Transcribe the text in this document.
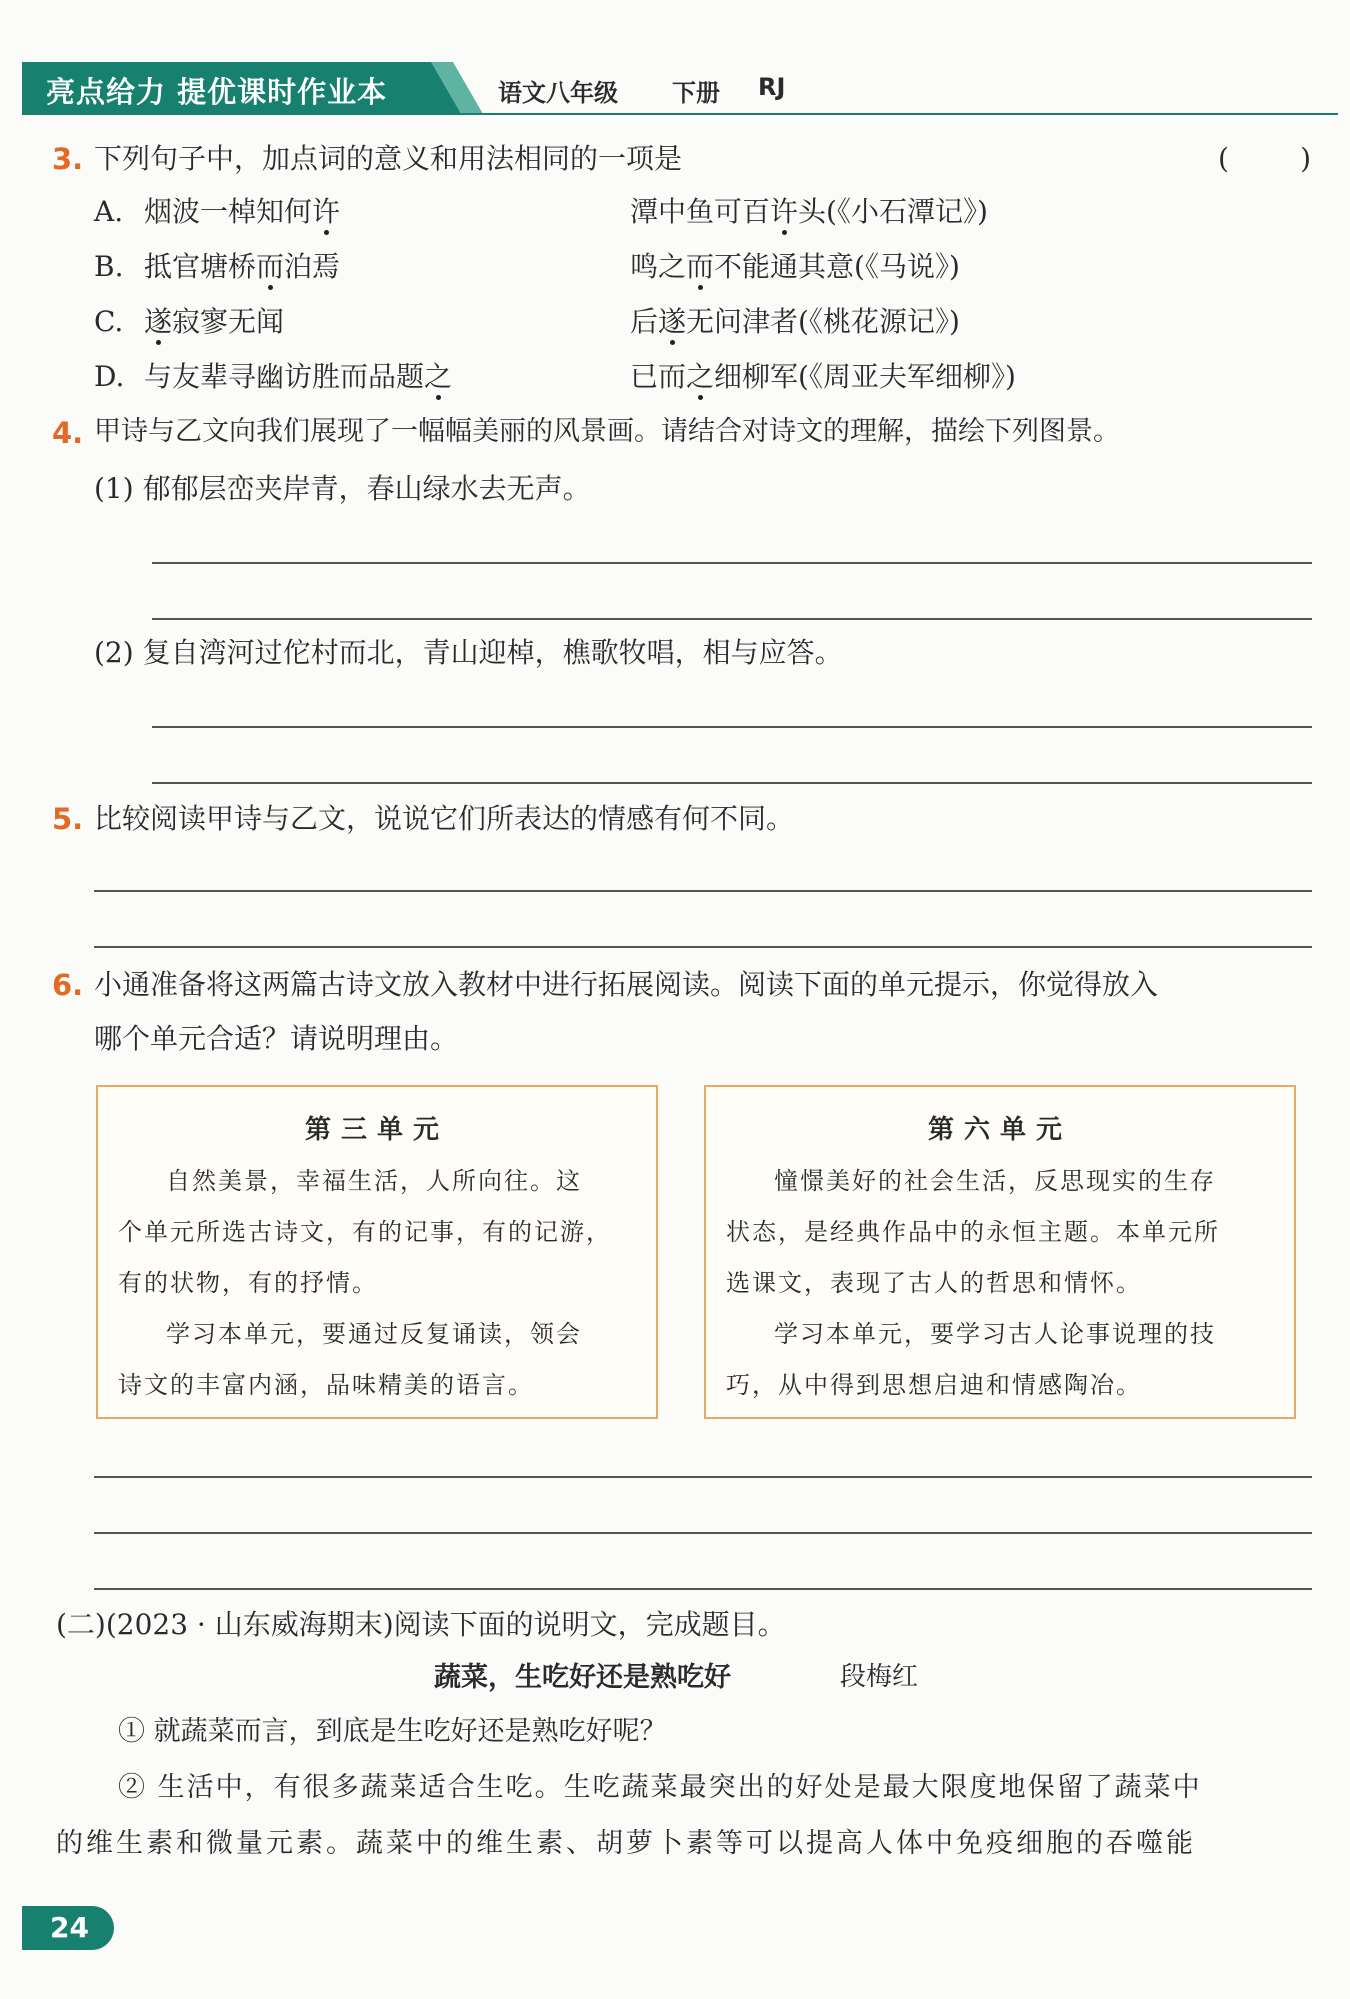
亮点给力 提优课时作业本	语文八年级 下册 RJ
3. 下列句子中，加点词的意义和用法相同的一项是	(        )
A. 烟波一棹知何许	潭中鱼可百许头(《小石潭记》)
B. 抵官塘桥而泊焉	鸣之而不能通其意(《马说》)
C. 遂寂寥无闻	后遂无问津者(《桃花源记》)
D. 与友辈寻幽访胜而品题之	已而之细柳军(《周亚夫军细柳》)
4. 甲诗与乙文向我们展现了一幅幅美丽的风景画。请结合对诗文的理解，描绘下列图景。
(1) 郁郁层峦夹岸青，春山绿水去无声。
(2) 复自湾河过佗村而北，青山迎棹，樵歌牧唱，相与应答。
5. 比较阅读甲诗与乙文，说说它们所表达的情感有何不同。
6. 小通准备将这两篇古诗文放入教材中进行拓展阅读。阅读下面的单元提示，你觉得放入
哪个单元合适？请说明理由。
第三单元

自然美景，幸福生活，人所向往。这

个单元所选古诗文，有的记事，有的记游，
有的状物，有的抒情。

学习本单元，要通过反复诵读，领会

诗文的丰富内涵，品味精美的语言。
第六单元

憧憬美好的社会生活，反思现实的生存

状态，是经典作品中的永恒主题。本单元所
选课文，表现了古人的哲思和情怀。

学习本单元，要学习古人论事说理的技

巧，从中得到思想启迪和情感陶冶。
(二)(2023 · 山东威海期末)阅读下面的说明文，完成题目。
蔬菜，生吃好还是熟吃好	段梅红
① 就蔬菜而言，到底是生吃好还是熟吃好呢？
② 生活中，有很多蔬菜适合生吃。生吃蔬菜最突出的好处是最大限度地保留了蔬菜中
的维生素和微量元素。蔬菜中的维生素、胡萝卜素等可以提高人体中免疫细胞的吞噬能
24
